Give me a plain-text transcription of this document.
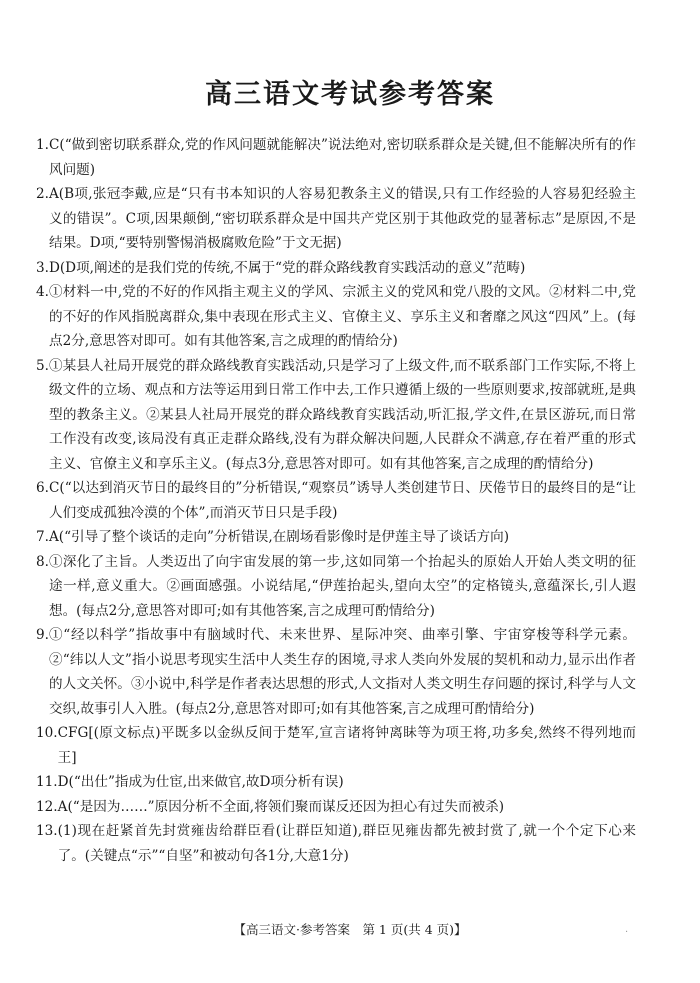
高三语文考试参考答案
1. C(“做到密切联系群众,党的作风问题就能解决”说法绝对,密切联系群众是关键,但不能解决所有的作风问题)
2. A(B项,张冠李戴,应是“只有书本知识的人容易犯教条主义的错误,只有工作经验的人容易犯经验主义的错误”。C项,因果颠倒,“密切联系群众是中国共产党区别于其他政党的显著标志”是原因,不是结果。D项,“要特别警惕消极腐败危险”于文无据)
3. D(D项,阐述的是我们党的传统,不属于“党的群众路线教育实践活动的意义”范畴)
4. ①材料一中,党的不好的作风指主观主义的学风、宗派主义的党风和党八股的文风。②材料二中,党的不好的作风指脱离群众,集中表现在形式主义、官僚主义、享乐主义和奢靡之风这“四风”上。(每点2分,意思答对即可。如有其他答案,言之成理的酌情给分)
5. ①某县人社局开展党的群众路线教育实践活动,只是学习了上级文件,而不联系部门工作实际,不将上级文件的立场、观点和方法等运用到日常工作中去,工作只遵循上级的一些原则要求,按部就班,是典型的教条主义。②某县人社局开展党的群众路线教育实践活动,听汇报,学文件,在景区游玩,而日常工作没有改变,该局没有真正走群众路线,没有为群众解决问题,人民群众不满意,存在着严重的形式主义、官僚主义和享乐主义。(每点3分,意思答对即可。如有其他答案,言之成理的酌情给分)
6. C(“以达到消灭节日的最终目的”分析错误,“观察员”诱导人类创建节日、厌倦节日的最终目的是“让人们变成孤独冷漠的个体”,而消灭节日只是手段)
7. A(“引导了整个谈话的走向”分析错误,在剧场看影像时是伊莲主导了谈话方向)
8. ①深化了主旨。人类迈出了向宇宙发展的第一步,这如同第一个抬起头的原始人开始人类文明的征途一样,意义重大。②画面感强。小说结尾,“伊莲抬起头,望向太空”的定格镜头,意蕴深长,引人遐想。(每点2分,意思答对即可;如有其他答案,言之成理可酌情给分)
9. ①“经以科学”指故事中有脑域时代、未来世界、星际冲突、曲率引擎、宇宙穿梭等科学元素。②“纬以人文”指小说思考现实生活中人类生存的困境,寻求人类向外发展的契机和动力,显示出作者的人文关怀。③小说中,科学是作者表达思想的形式,人文指对人类文明生存问题的探讨,科学与人文交织,故事引人入胜。(每点2分,意思答对即可;如有其他答案,言之成理可酌情给分)
10. CFG[(原文标点)平既多以金纵反间于楚军,宣言诸将钟离眛等为项王将,功多矣,然终不得列地而王]
11. D(“出仕”指成为仕宦,出来做官,故D项分析有误)
12. A(“是因为……”原因分析不全面,将领们聚而谋反还因为担心有过失而被杀)
13. (1)现在赶紧首先封赏雍齿给群臣看(让群臣知道),群臣见雍齿都先被封赏了,就一个个定下心来了。(关键点“示”“自坚”和被动句各1分,大意1分)
【高三语文·参考答案　第 1 页(共 4 页)】	.
